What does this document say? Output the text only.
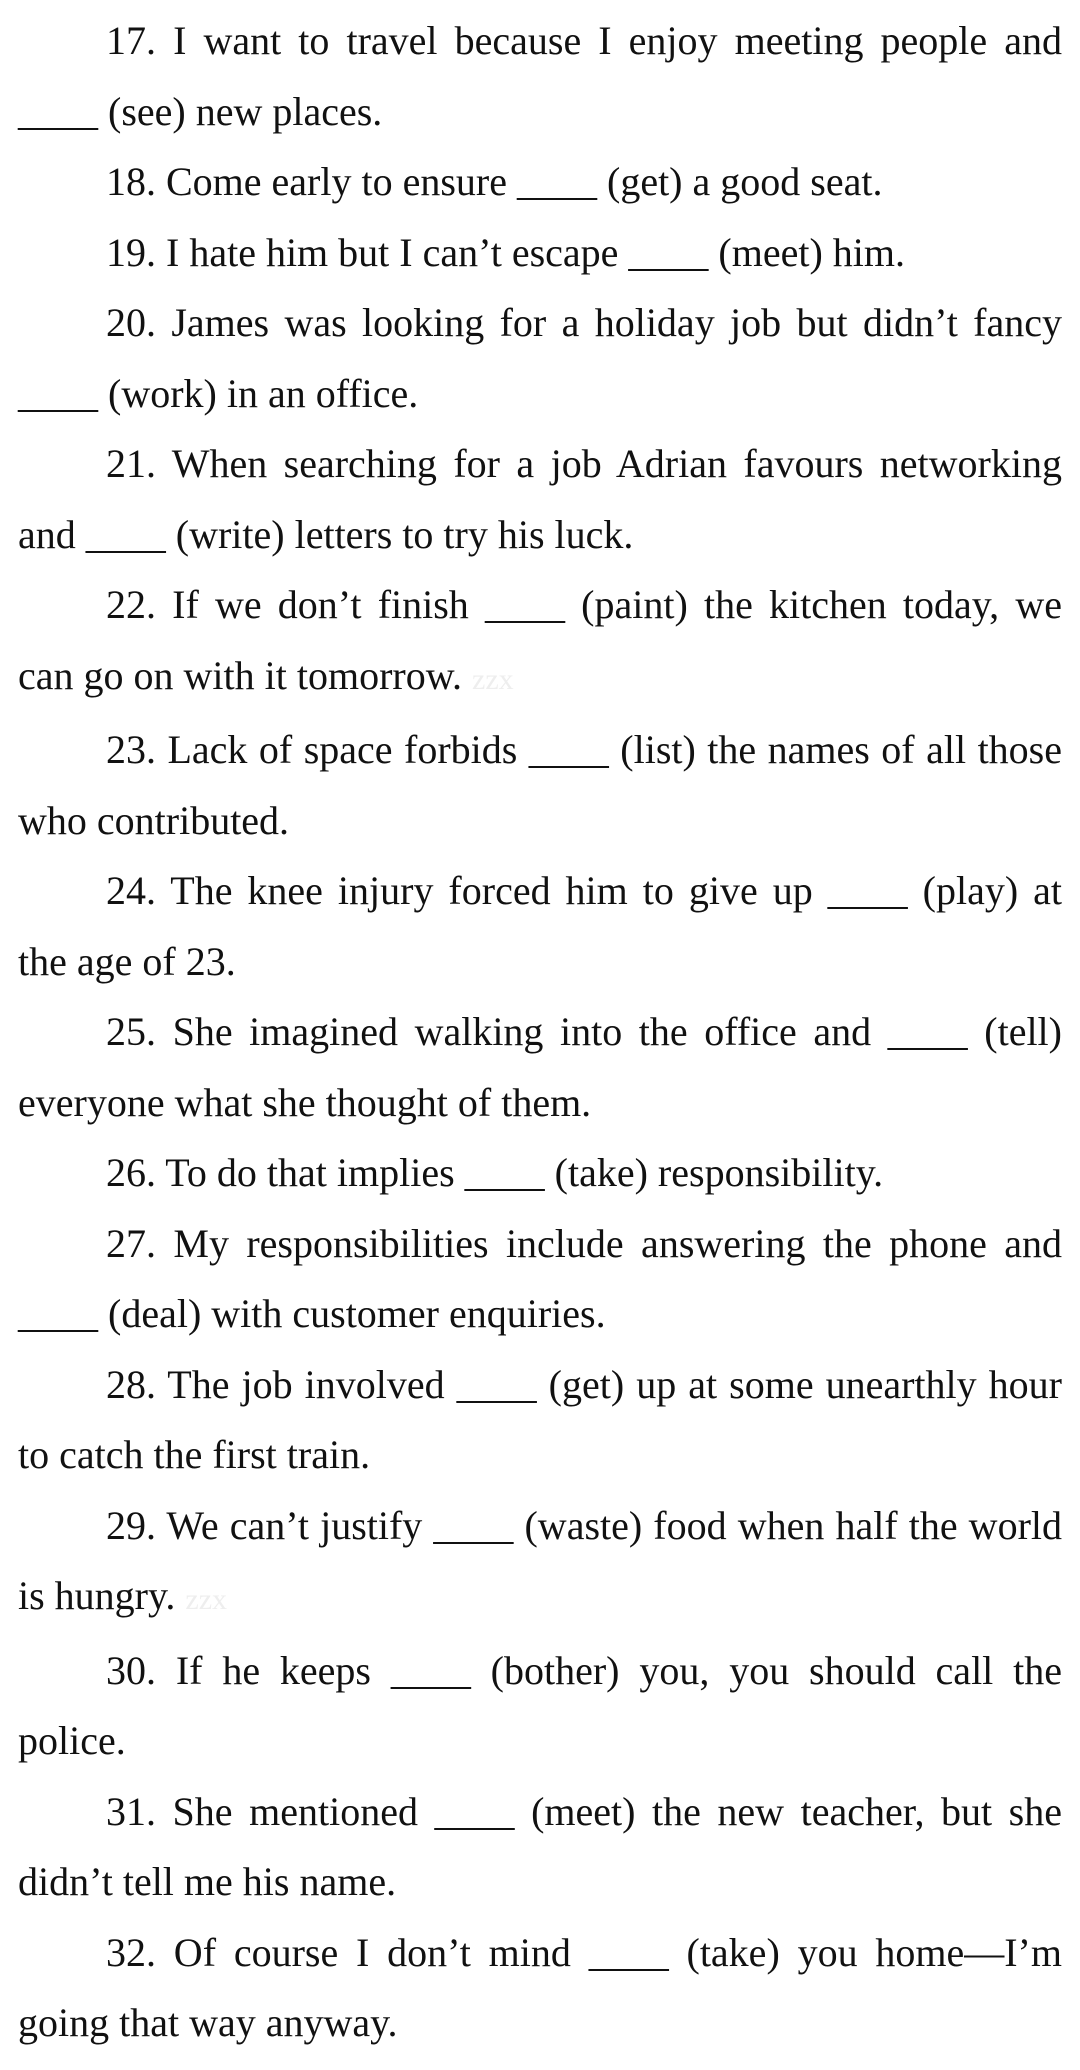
17. I want to travel because I enjoy meeting people and ____ (see) new places.

18. Come early to ensure ____ (get) a good seat.

19. I hate him but I can’t escape ____ (meet) him.

20. James was looking for a holiday job but didn’t fancy ____ (work) in an office.

21. When searching for a job Adrian favours networking and ____ (write) letters to try his luck.

22. If we don’t finish ____ (paint) the kitchen today, we can go on with it tomorrow. zzx

23. Lack of space forbids ____ (list) the names of all those who contributed.

24. The knee injury forced him to give up ____ (play) at the age of 23.

25. She imagined walking into the office and ____ (tell) everyone what she thought of them.

26. To do that implies ____ (take) responsibility.

27. My responsibilities include answering the phone and ____ (deal) with customer enquiries.

28. The job involved ____ (get) up at some unearthly hour to catch the first train.

29. We can’t justify ____ (waste) food when half the world is hungry. zzx

30. If he keeps ____ (bother) you, you should call the police.

31. She mentioned ____ (meet) the new teacher, but she didn’t tell me his name.

32. Of course I don’t mind ____ (take) you home—I’m going that way anyway.
